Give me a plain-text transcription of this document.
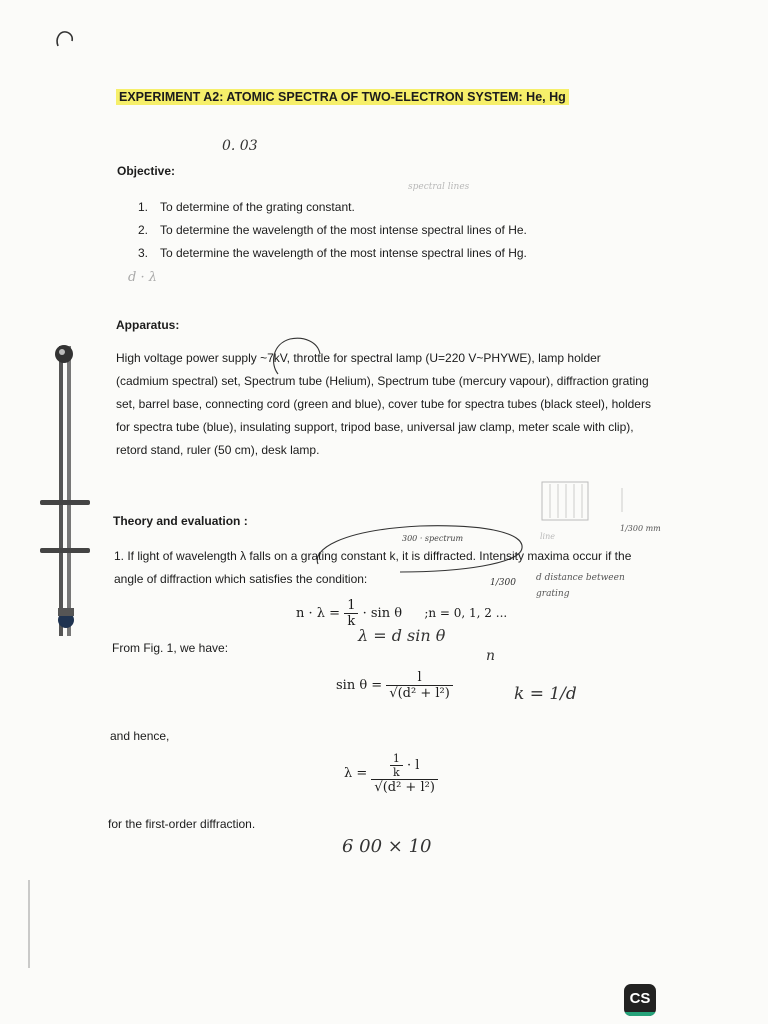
EXPERIMENT A2: ATOMIC SPECTRA OF TWO-ELECTRON SYSTEM: He, Hg
0. 03
spectral lines
Objective:
1. To determine of the grating constant.
2. To determine the wavelength of the most intense spectral lines of He.
3. To determine the wavelength of the most intense spectral lines of Hg.
d · λ
Apparatus:
High voltage power supply ~7kV, throttle for spectral lamp (U=220 V~PHYWE), lamp holder
(cadmium spectral) set, Spectrum tube (Helium), Spectrum tube (mercury vapour), diffraction grating
set, barrel base, connecting cord (green and blue), cover tube for spectra tubes (black steel), holders
for spectra tube (blue), insulating support, tripod base, universal jaw clamp, meter scale with clip),
retord stand, ruler (50 cm), desk lamp.
line
1/300 mm
Theory and evaluation :
300 · spectrum
1. If light of wavelength λ falls on a grating constant k, it is diffracted. Intensity maxima occur if the
angle of diffraction which satisfies the condition:	1/300 d distance between grating
$n \cdot \lambda = \frac{1}{k} \cdot \sin \theta$ ;n = 0, 1, 2 ...
λ = d sin θ
From Fig. 1, we have:	n
$\sin \theta = \frac{l}{\text{√(d² + l²)}}$	k = 1/d
and hence,
$\lambda = \frac{\frac{1}{k} \cdot l}{\text{√(d² + l²)}}$
for the first-order diffraction.
6 00 × 10
CS
